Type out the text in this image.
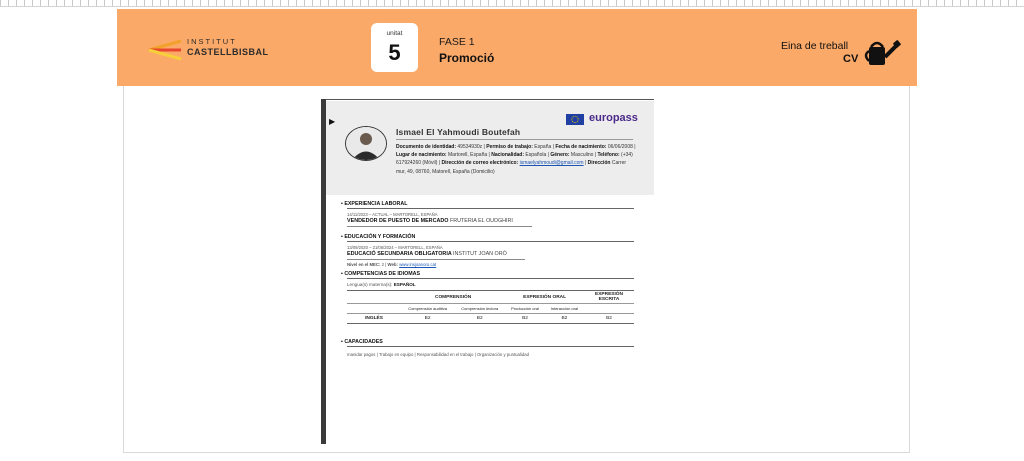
INSTITUT
CASTELLBISBAL
unitat
5	FASE 1
Promoció
Eina de treball
CV
▶	europass
Ismael El Yahmoudi Boutefah
Documento de identidad: 49534930z | Permiso de trabajo: España | Fecha de nacimiento: 06/06/2008 | Lugar de nacimiento: Martorell, España | Nacionalidad: Española | Género: Masculino | Teléfono: (+34) 617924260 (Móvil) | Dirección de correo electrónico: ismaelyahmoudi@gmail.com | Dirección Carrer mur, 49, 08760, Matorell, España (Domicilio)
▪ EXPERIENCIA LABORAL
14/11/2023 – ACTUAL – MARTORELL, ESPAÑA
VENDEDOR DE PUESTO DE MERCADO FRUTERIA EL OUDGHIRI
▪ EDUCACIÓN Y FORMACIÓN
13/09/2020 – 21/06/2024 – MARTORELL, ESPAÑA
EDUCACIÓ SECUNDARIA OBLIGATORIA INSTITUT JOAN ORÓ
Nivel en el MEC: 2 | Web: www.insjoanoro.cat
▪ COMPETENCIAS DE IDIOMAS
Lengua(s) materna(s): ESPAÑOL
	COMPRENSIÓN		EXPRESIÓN ORAL		EXPRESIÓN ESCRITA
	Comprensión auditiva	Comprensión lectora	Producción oral	Interacción oral	
INGLÉS	B2	B2	B2	B2	B2
▪ CAPACIDADES
manidar pagos | Trabajo en equipo | Responsabilidad en el trabajo | Organización y puntualidad
